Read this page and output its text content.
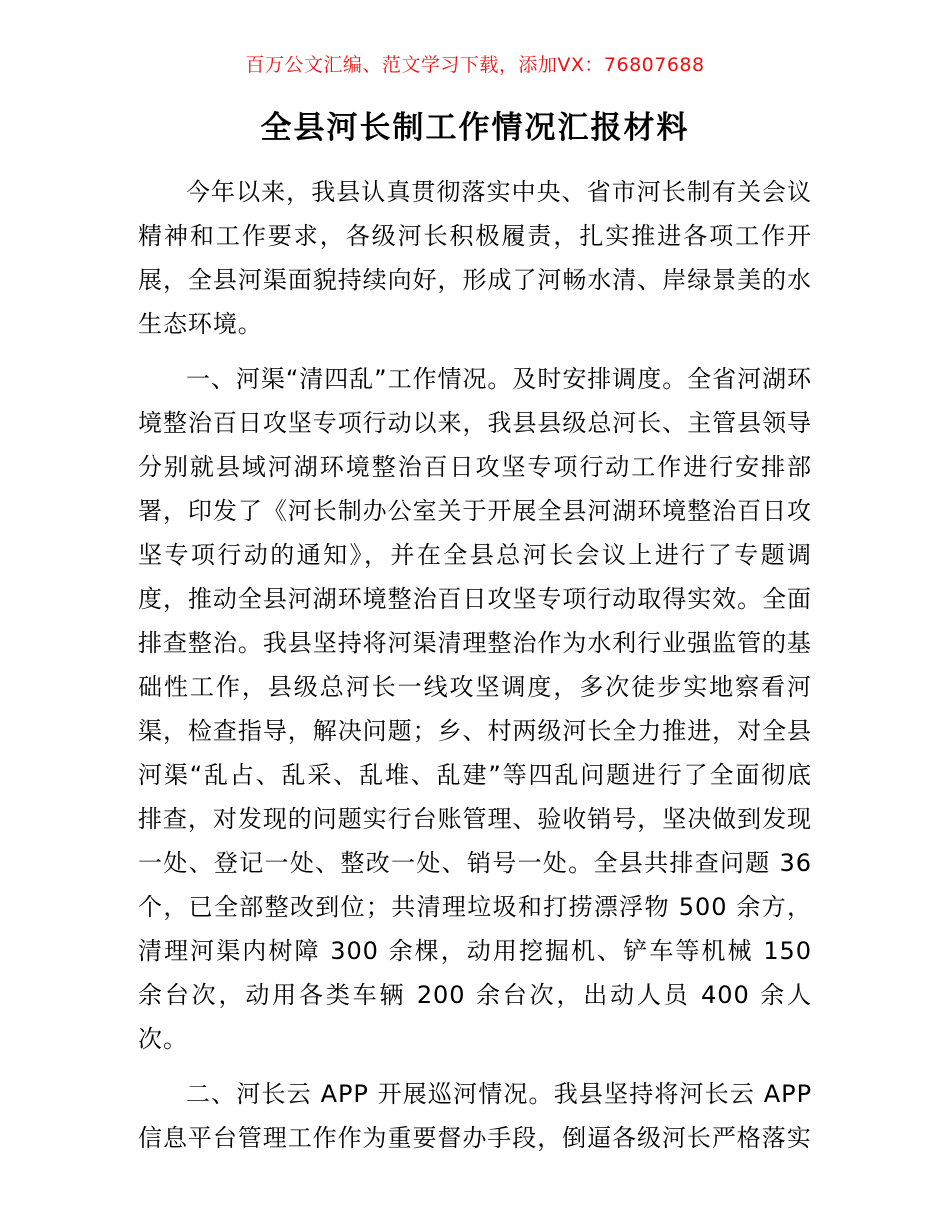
百万公文汇编、范文学习下载，添加VX：76807688
全县河长制工作情况汇报材料

今年以来，我县认真贯彻落实中央、省市河长制有关会议精神和工作要求，各级河长积极履责，扎实推进各项工作开展，全县河渠面貌持续向好，形成了河畅水清、岸绿景美的水生态环境。

一、河渠“清四乱”工作情况。及时安排调度。全省河湖环境整治百日攻坚专项行动以来，我县县级总河长、主管县领导分别就县域河湖环境整治百日攻坚专项行动工作进行安排部署，印发了《河长制办公室关于开展全县河湖环境整治百日攻坚专项行动的通知》，并在全县总河长会议上进行了专题调度，推动全县河湖环境整治百日攻坚专项行动取得实效。全面排查整治。我县坚持将河渠清理整治作为水利行业强监管的基础性工作，县级总河长一线攻坚调度，多次徒步实地察看河渠，检查指导，解决问题；乡、村两级河长全力推进，对全县河渠“乱占、乱采、乱堆、乱建”等四乱问题进行了全面彻底排查，对发现的问题实行台账管理、验收销号，坚决做到发现一处、登记一处、整改一处、销号一处。全县共排查问题 36 个，已全部整改到位；共清理垃圾和打捞漂浮物 500 余方，清理河渠内树障 300 余棵，动用挖掘机、铲车等机械 150 余台次，动用各类车辆 200 余台次，出动人员 400 余人次。

二、河长云 APP 开展巡河情况。我县坚持将河长云 APP 信息平台管理工作作为重要督办手段，倒逼各级河长严格落实
